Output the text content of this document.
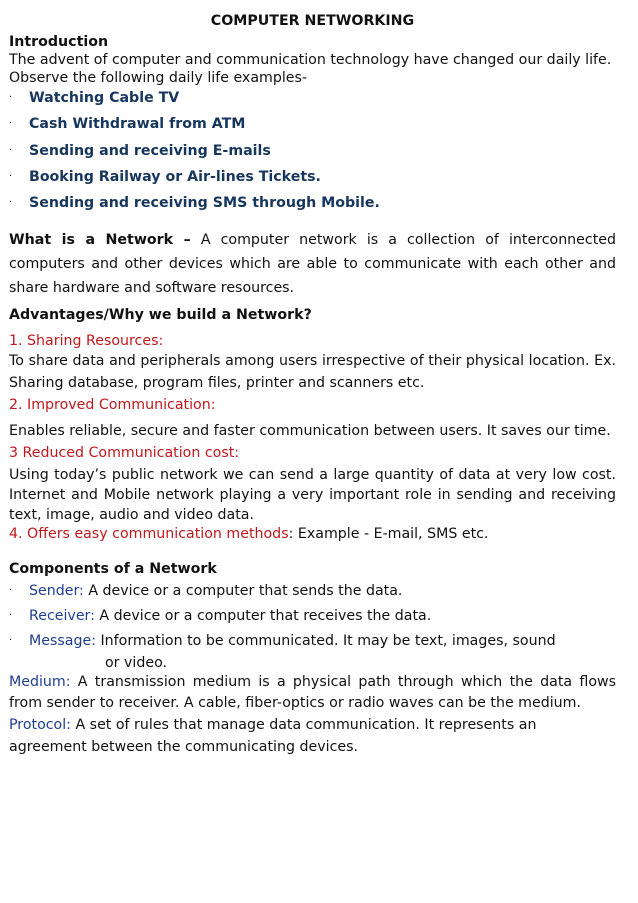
COMPUTER NETWORKING

Introduction

The advent of computer and communication technology have changed our daily life. Observe the following daily life examples-

· Watching Cable TV
· Cash Withdrawal from ATM
· Sending and receiving E-mails
· Booking Railway or Air-lines Tickets.
· Sending and receiving SMS through Mobile.

What is a Network – A computer network is a collection of interconnected computers and other devices which are able to communicate with each other and share hardware and software resources.

Advantages/Why we build a Network?

1. Sharing Resources:

To share data and peripherals among users irrespective of their physical location. Ex. Sharing database, program files, printer and scanners etc.

2. Improved Communication:

Enables reliable, secure and faster communication between users. It saves our time.

3 Reduced Communication cost:

Using today’s public network we can send a large quantity of data at very low cost. Internet and Mobile network playing a very important role in sending and receiving text, image, audio and video data.

4. Offers easy communication methods: Example - E-mail, SMS etc.

Components of a Network

· Sender: A device or a computer that sends the data.
· Receiver: A device or a computer that receives the data.
· Message: Information to be communicated. It may be text, images, sound
or video.

Medium: A transmission medium is a physical path through which the data flows from sender to receiver. A cable, fiber-optics or radio waves can be the medium.

Protocol: A set of rules that manage data communication. It represents an agreement between the communicating devices.
